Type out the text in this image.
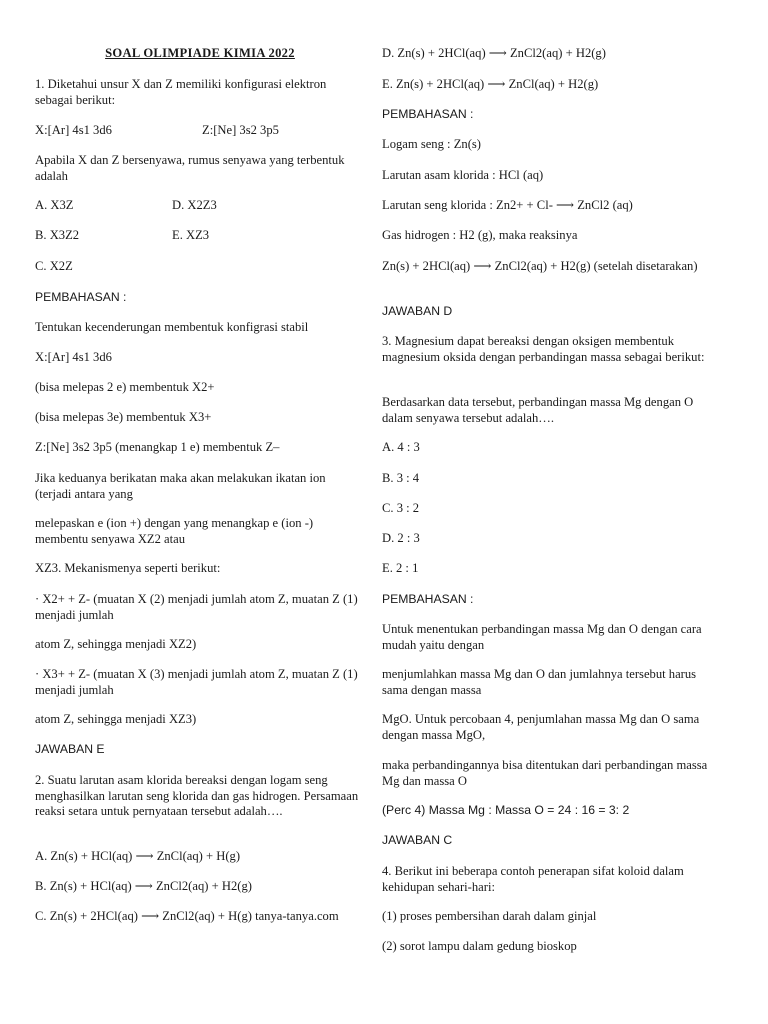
SOAL OLIMPIADE KIMIA 2022
1. Diketahui unsur X dan Z memiliki konfigurasi elektron sebagai berikut:
X:[Ar] 4s1 3d6	Z:[Ne] 3s2 3p5
Apabila X dan Z bersenyawa, rumus senyawa yang terbentuk adalah
A. X3Z	D. X2Z3
B. X3Z2	E. XZ3
C. X2Z
PEMBAHASAN :
Tentukan kecenderungan membentuk konfigrasi stabil
X:[Ar] 4s1 3d6
(bisa melepas 2 e) membentuk X2+
(bisa melepas 3e) membentuk X3+
Z:[Ne] 3s2 3p5 (menangkap 1 e) membentuk Z–
Jika keduanya berikatan maka akan melakukan ikatan ion (terjadi antara yang
melepaskan e (ion +) dengan yang menangkap e (ion -) membentu senyawa XZ2 atau
XZ3. Mekanismenya seperti berikut:
· X2+ + Z- (muatan X (2) menjadi jumlah atom Z, muatan Z (1) menjadi jumlah
atom Z, sehingga menjadi XZ2)
· X3+ + Z- (muatan X (3) menjadi jumlah atom Z, muatan Z (1) menjadi jumlah
atom Z, sehingga menjadi XZ3)
JAWABAN E
2. Suatu larutan asam klorida bereaksi dengan logam seng menghasilkan larutan seng klorida dan gas hidrogen. Persamaan reaksi setara untuk pernyataan tersebut adalah….
A. Zn(s) + HCl(aq) ⟶ ZnCl(aq) + H(g)
B. Zn(s) + HCl(aq) ⟶ ZnCl2(aq) + H2(g)
C. Zn(s) + 2HCl(aq) ⟶ ZnCl2(aq) + H(g) tanya-tanya.com
D. Zn(s) + 2HCl(aq) ⟶ ZnCl2(aq) + H2(g)
E. Zn(s) + 2HCl(aq) ⟶ ZnCl(aq) + H2(g)
PEMBAHASAN :
Logam seng : Zn(s)
Larutan asam klorida : HCl (aq)
Larutan seng klorida : Zn2+ + Cl- ⟶ ZnCl2 (aq)
Gas hidrogen : H2 (g), maka reaksinya
Zn(s) + 2HCl(aq) ⟶ ZnCl2(aq) + H2(g) (setelah disetarakan)
JAWABAN D
3. Magnesium dapat bereaksi dengan oksigen membentuk magnesium oksida dengan perbandingan massa sebagai berikut:
Berdasarkan data tersebut, perbandingan massa Mg dengan O dalam senyawa tersebut adalah….
A. 4 : 3
B. 3 : 4
C. 3 : 2
D. 2 : 3
E. 2 : 1
PEMBAHASAN :
Untuk menentukan perbandingan massa Mg dan O dengan cara mudah yaitu dengan
menjumlahkan massa Mg dan O dan jumlahnya tersebut harus sama dengan massa
MgO. Untuk percobaan 4, penjumlahan massa Mg dan O sama dengan massa MgO,
maka perbandingannya bisa ditentukan dari perbandingan massa Mg dan massa O
(Perc 4) Massa Mg : Massa O = 24 : 16 = 3: 2
JAWABAN C
4. Berikut ini beberapa contoh penerapan sifat koloid dalam kehidupan sehari-hari:
(1) proses pembersihan darah dalam ginjal
(2) sorot lampu dalam gedung bioskop
